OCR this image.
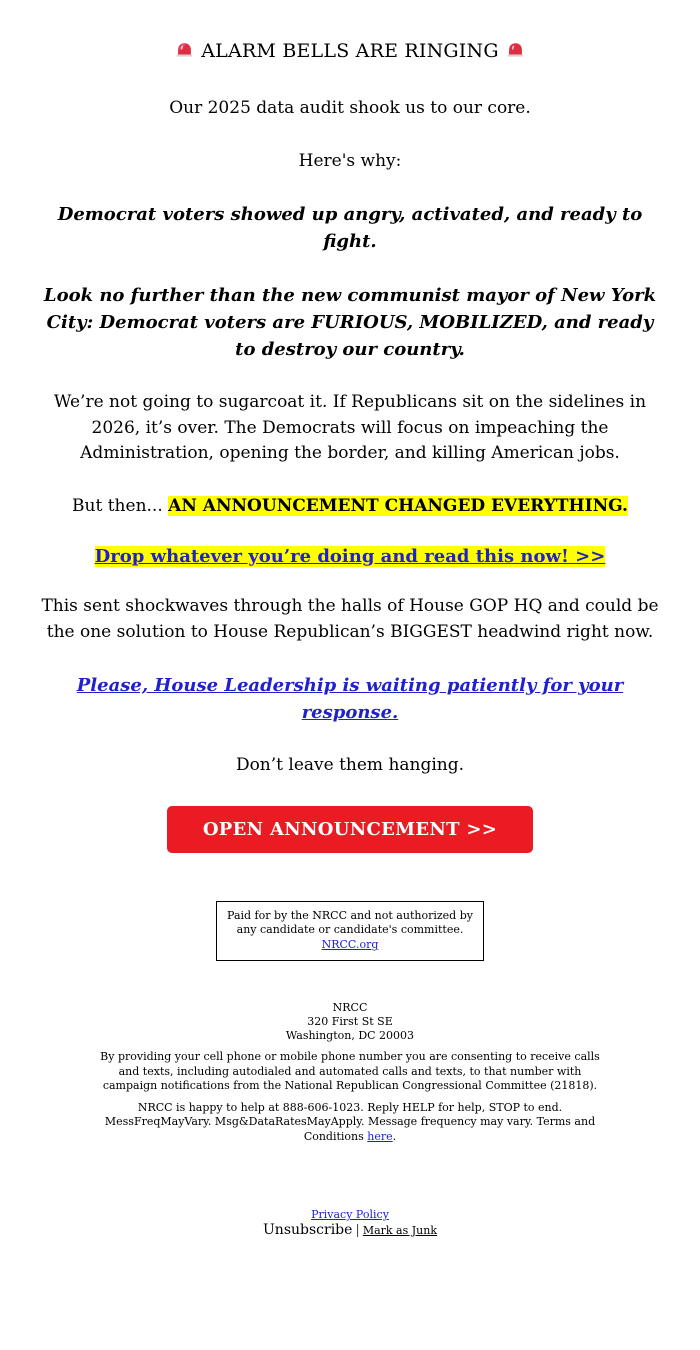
ALARM BELLS ARE RINGING

Our 2025 data audit shook us to our core.

Here's why:

Democrat voters showed up angry, activated, and ready to fight.

Look no further than the new communist mayor of New York City: Democrat voters are FURIOUS, MOBILIZED, and ready to destroy our country.

We’re not going to sugarcoat it. If Republicans sit on the sidelines in 2026, it’s over. The Democrats will focus on impeaching the Administration, opening the border, and killing American jobs.

But then... AN ANNOUNCEMENT CHANGED EVERYTHING.

Drop whatever you’re doing and read this now! >>

This sent shockwaves through the halls of House GOP HQ and could be the one solution to House Republican’s BIGGEST headwind right now.

Please, House Leadership is waiting patiently for your response.

Don’t leave them hanging.

OPEN ANNOUNCEMENT >>
Paid for by the NRCC and not authorized by any candidate or candidate's committee. NRCC.org
NRCC
320 First St SE
Washington, DC 20003

By providing your cell phone or mobile phone number you are consenting to receive calls and texts, including autodialed and automated calls and texts, to that number with campaign notifications from the National Republican Congressional Committee (21818).

NRCC is happy to help at 888-606-1023. Reply HELP for help, STOP to end. MessFreqMayVary. Msg&DataRatesMayApply. Message frequency may vary. Terms and Conditions here.

Privacy Policy

Unsubscribe | Mark as Junk
